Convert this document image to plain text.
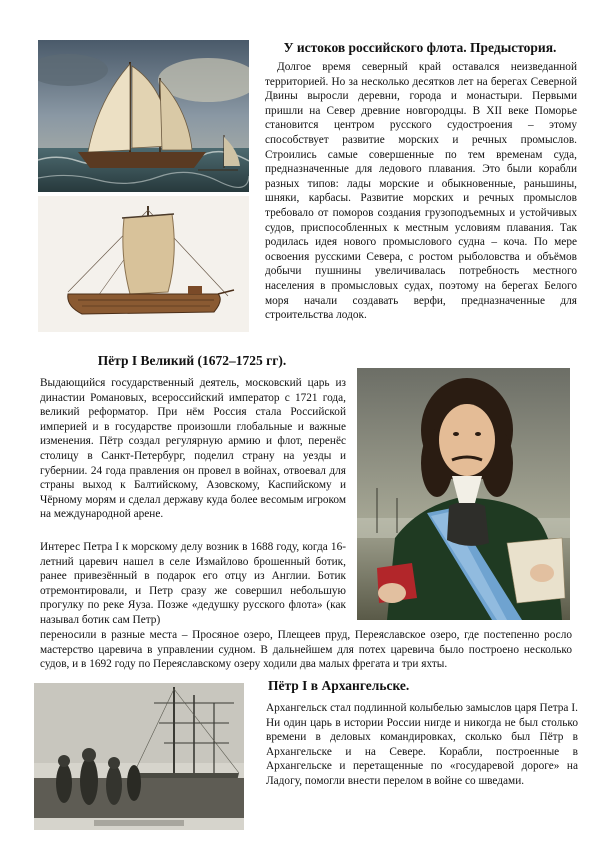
У истоков российского флота. Предыстория.

Долгое время северный край оставался неизведанной территорией. Но за несколько десятков лет на берегах Северной Двины выросли деревни, города и монастыри. Первыми пришли на Север древние новгородцы. В XII веке Поморье становится центром русского судостроения – этому способствует развитие морских и речных промыслов. Строились самые совершенные по тем временам суда, предназначенные для ледового плавания. Это были корабли разных типов: лады морские и обыкновенные, раньшины, шняки, карбасы. Развитие морских и речных промыслов требовало от поморов создания грузоподъемных и устойчивых судов, приспособленных к местным условиям плавания. Так родилась идея нового промыслового судна – коча. По мере освоения русскими Севера, с ростом рыболовства и объёмов добычи пушнины увеличивалась потребность местного населения в промысловых судах, поэтому на берегах Белого моря начали создавать верфи, предназначенные для строительства лодок.

Пётр I Великий (1672–1725 гг).

Выдающийся государственный деятель, московский царь из династии Романовых, всероссийский император с 1721 года, великий реформатор. При нём Россия стала Российской империей и в государстве произошли глобальные и важные изменения. Пётр создал регулярную армию и флот, перенёс столицу в Санкт-Петербург, поделил страну на уезды и губернии. 24 года правления он провел в войнах, отвоевал для страны выход к Балтийскому, Азовскому, Каспийскому и Чёрному морям и сделал державу куда более весомым игроком на международной арене.

Интерес Петра I к морскому делу возник в 1688 году, когда 16-летний царевич нашел в селе Измайлово брошенный ботик, ранее привезённый в подарок его отцу из Англии. Ботик отремонтировали, и Петр сразу же совершил небольшую прогулку по реке Яуза. Позже «дедушку русского флота» (как называл ботик сам Петр)

переносили в разные места – Просяное озеро, Плещеев пруд, Переяславское озеро, где постепенно росло мастерство царевича в управлении судном. В дальнейшем для потех царевича было построено несколько судов, и в 1692 году по Переяславскому озеру ходили два малых фрегата и три яхты.

Пётр I в Архангельске.

Архангельск стал подлинной колыбелью замыслов царя Петра I. Ни один царь в истории России нигде и никогда не был столько времени в деловых командировках, сколько был Пётр в Архангельске и на Севере. Корабли, построенные в Архангельске и перетащенные по «государевой дороге» на Ладогу, помогли внести перелом в войне со шведами.
